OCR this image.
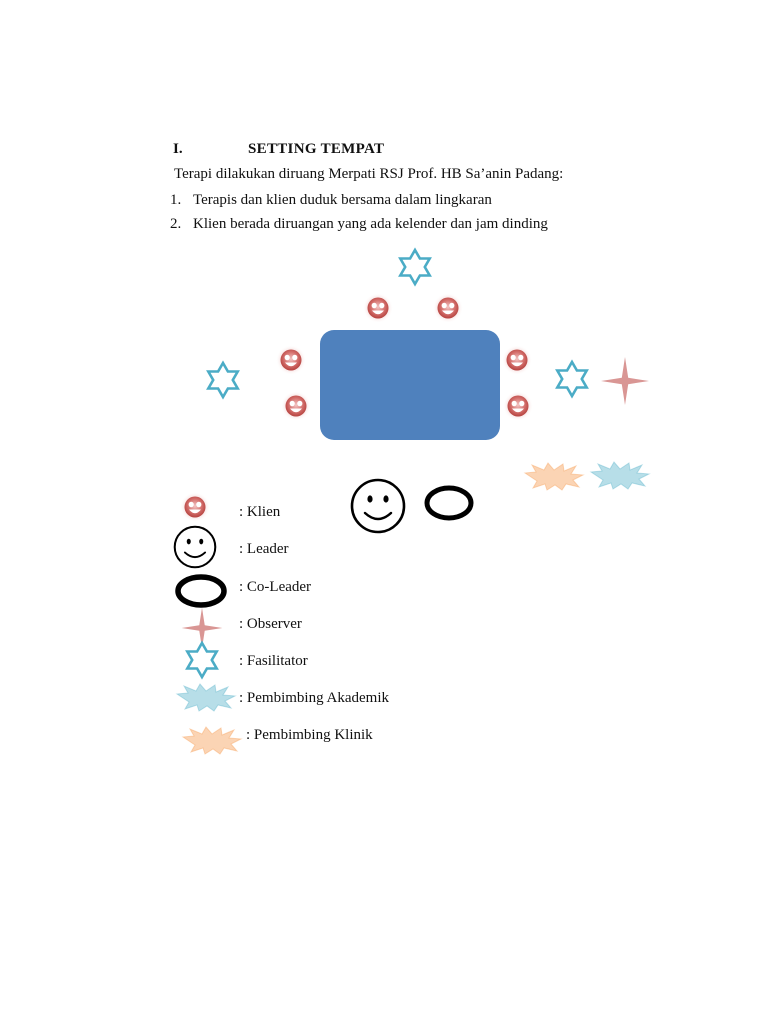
I.	SETTING TEMPAT
Terapi dilakukan diruang Merpati RSJ Prof. HB Sa’anin Padang:
1. Terapis dan klien duduk bersama dalam lingkaran
2. Klien berada diruangan yang ada kelender dan jam dinding
: Klien
: Leader
: Co-Leader
: Observer
: Fasilitator
: Pembimbing Akademik
: Pembimbing Klinik
